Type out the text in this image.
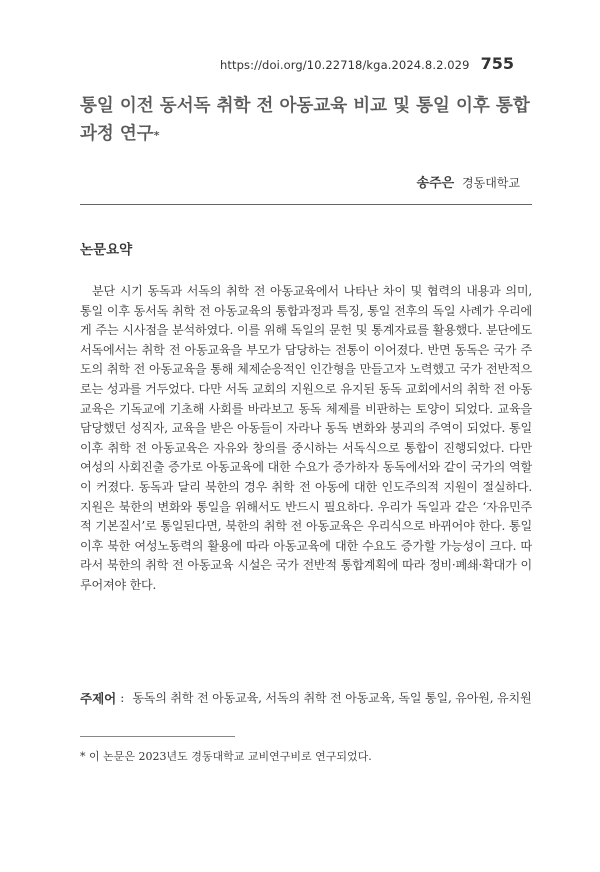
https://doi.org/10.22718/kga.2024.8.2.029 755
통일 이전 동서독 취학 전 아동교육 비교 및 통일 이후 통합과정 연구*
송주은 경동대학교
논문요약

분단 시기 동독과 서독의 취학 전 아동교육에서 나타난 차이 및 협력의 내용과 의미, 통일 이후 동서독 취학 전 아동교육의 통합과정과 특징, 통일 전후의 독일 사례가 우리에게 주는 시사점을 분석하였다. 이를 위해 독일의 문헌 및 통계자료를 활용했다. 분단에도 서독에서는 취학 전 아동교육을 부모가 담당하는 전통이 이어졌다. 반면 동독은 국가 주도의 취학 전 아동교육을 통해 체제순응적인 인간형을 만들고자 노력했고 국가 전반적으로는 성과를 거두었다. 다만 서독 교회의 지원으로 유지된 동독 교회에서의 취학 전 아동교육은 기독교에 기초해 사회를 바라보고 동독 체제를 비판하는 토양이 되었다. 교육을 담당했던 성직자, 교육을 받은 아동들이 자라나 동독 변화와 붕괴의 주역이 되었다. 통일 이후 취학 전 아동교육은 자유와 창의를 중시하는 서독식으로 통합이 진행되었다. 다만 여성의 사회진출 증가로 아동교육에 대한 수요가 증가하자 동독에서와 같이 국가의 역할이 커졌다. 동독과 달리 북한의 경우 취학 전 아동에 대한 인도주의적 지원이 절실하다. 지원은 북한의 변화와 통일을 위해서도 반드시 필요하다. 우리가 독일과 같은 ‘자유민주적 기본질서’로 통일된다면, 북한의 취학 전 아동교육은 우리식으로 바뀌어야 한다. 통일 이후 북한 여성노동력의 활용에 따라 아동교육에 대한 수요도 증가할 가능성이 크다. 따라서 북한의 취학 전 아동교육 시설은 국가 전반적 통합계획에 따라 정비·폐쇄·확대가 이루어져야 한다.

주제어 : 동독의 취학 전 아동교육, 서독의 취학 전 아동교육, 독일 통일, 유아원, 유치원

* 이 논문은 2023년도 경동대학교 교비연구비로 연구되었다.
